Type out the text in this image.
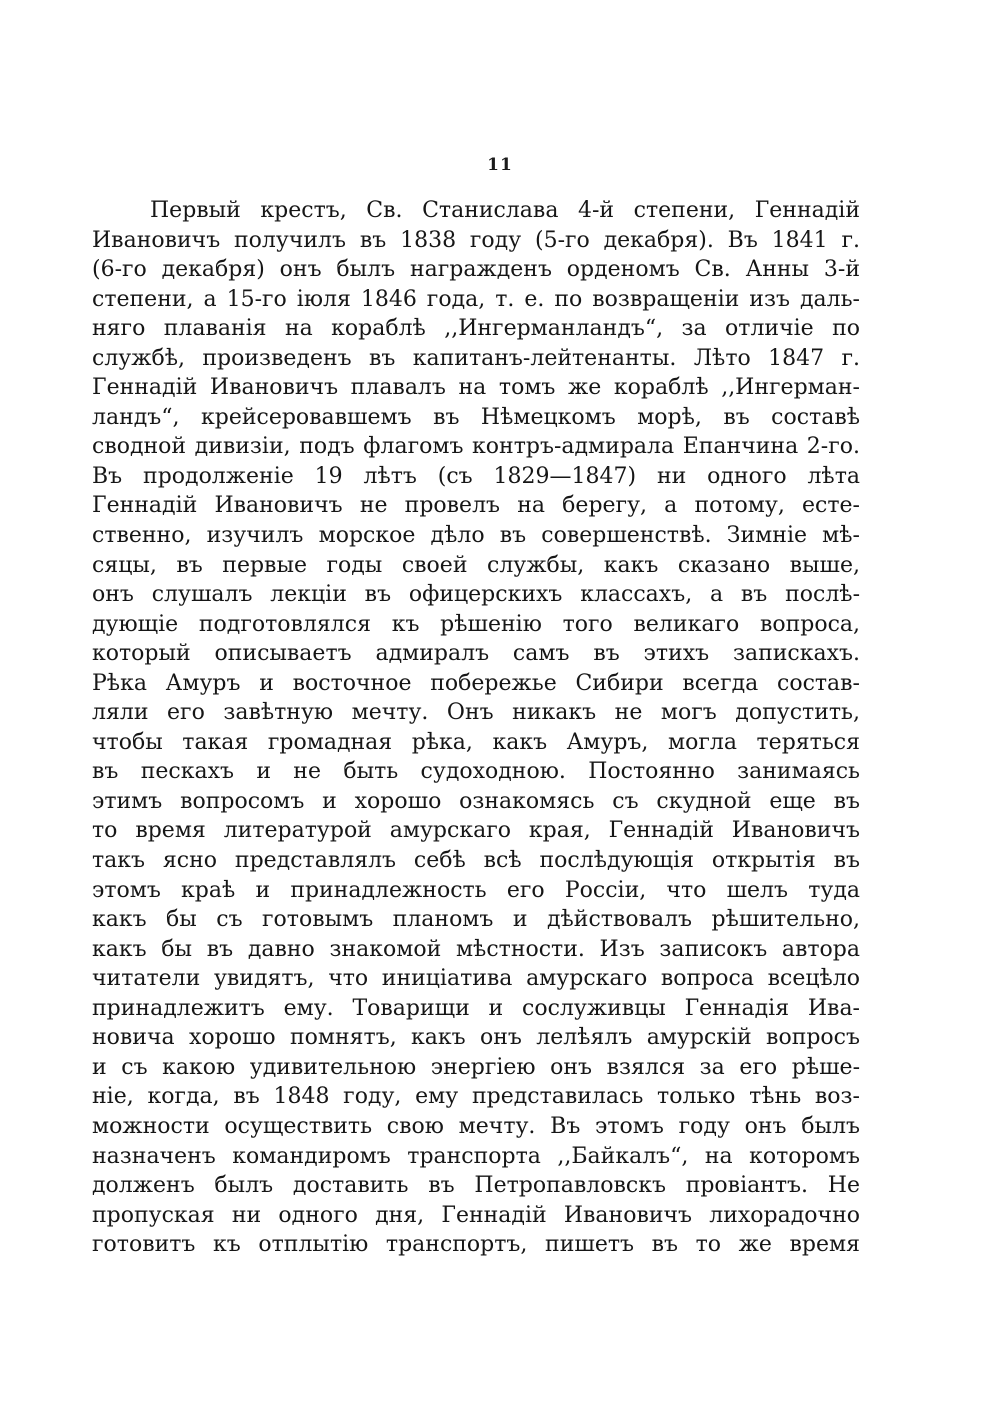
11
Первый крестъ, Св. Станислава 4-й степени, Геннадій
Ивановичъ получилъ въ 1838 году (5-го декабря). Въ 1841 г.
(6-го декабря) онъ былъ награжденъ орденомъ Св. Анны 3-й
степени, а 15-го іюля 1846 года, т. е. по возвращеніи изъ даль-
няго плаванія на кораблѣ ,,Ингерманландъ“, за отличіе по
службѣ, произведенъ въ капитанъ-лейтенанты. Лѣто 1847 г.
Геннадій Ивановичъ плавалъ на томъ же кораблѣ ,,Ингерман-
ландъ“, крейсеровавшемъ въ Нѣмецкомъ морѣ, въ составѣ
сводной дивизіи, подъ флагомъ контръ-адмирала Епанчина 2-го.
Въ продолженіе 19 лѣтъ (съ 1829—1847) ни одного лѣта
Геннадій Ивановичъ не провелъ на берегу, а потому, есте-
ственно, изучилъ морское дѣло въ совершенствѣ. Зимніе мѣ-
сяцы, въ первые годы своей службы, какъ сказано выше,
онъ слушалъ лекціи въ офицерскихъ классахъ, а въ послѣ-
дующіе подготовлялся къ рѣшенію того великаго вопроса,
который описываетъ адмиралъ самъ въ этихъ запискахъ.
Рѣка Амуръ и восточное побережье Сибири всегда состав-
ляли его завѣтную мечту. Онъ никакъ не могъ допустить,
чтобы такая громадная рѣка, какъ Амуръ, могла теряться
въ пескахъ и не быть судоходною. Постоянно занимаясь
этимъ вопросомъ и хорошо ознакомясь съ скудной еще въ
то время литературой амурскаго края, Геннадій Ивановичъ
такъ ясно представлялъ себѣ всѣ послѣдующія открытія въ
этомъ краѣ и принадлежность его Россіи, что шелъ туда
какъ бы съ готовымъ планомъ и дѣйствовалъ рѣшительно,
какъ бы въ давно знакомой мѣстности. Изъ записокъ автора
читатели увидятъ, что иниціатива амурскаго вопроса всецѣло
принадлежитъ ему. Товарищи и сослуживцы Геннадія Ива-
новича хорошо помнятъ, какъ онъ лелѣялъ амурскій вопросъ
и съ какою удивительною энергіею онъ взялся за его рѣше-
ніе, когда, въ 1848 году, ему представилась только тѣнь воз-
можности осуществить свою мечту. Въ этомъ году онъ былъ
назначенъ командиромъ транспорта ,,Байкалъ“, на которомъ
долженъ былъ доставить въ Петропавловскъ провіантъ. Не
пропуская ни одного дня, Геннадій Ивановичъ лихорадочно
готовитъ къ отплытію транспортъ, пишетъ въ то же время
